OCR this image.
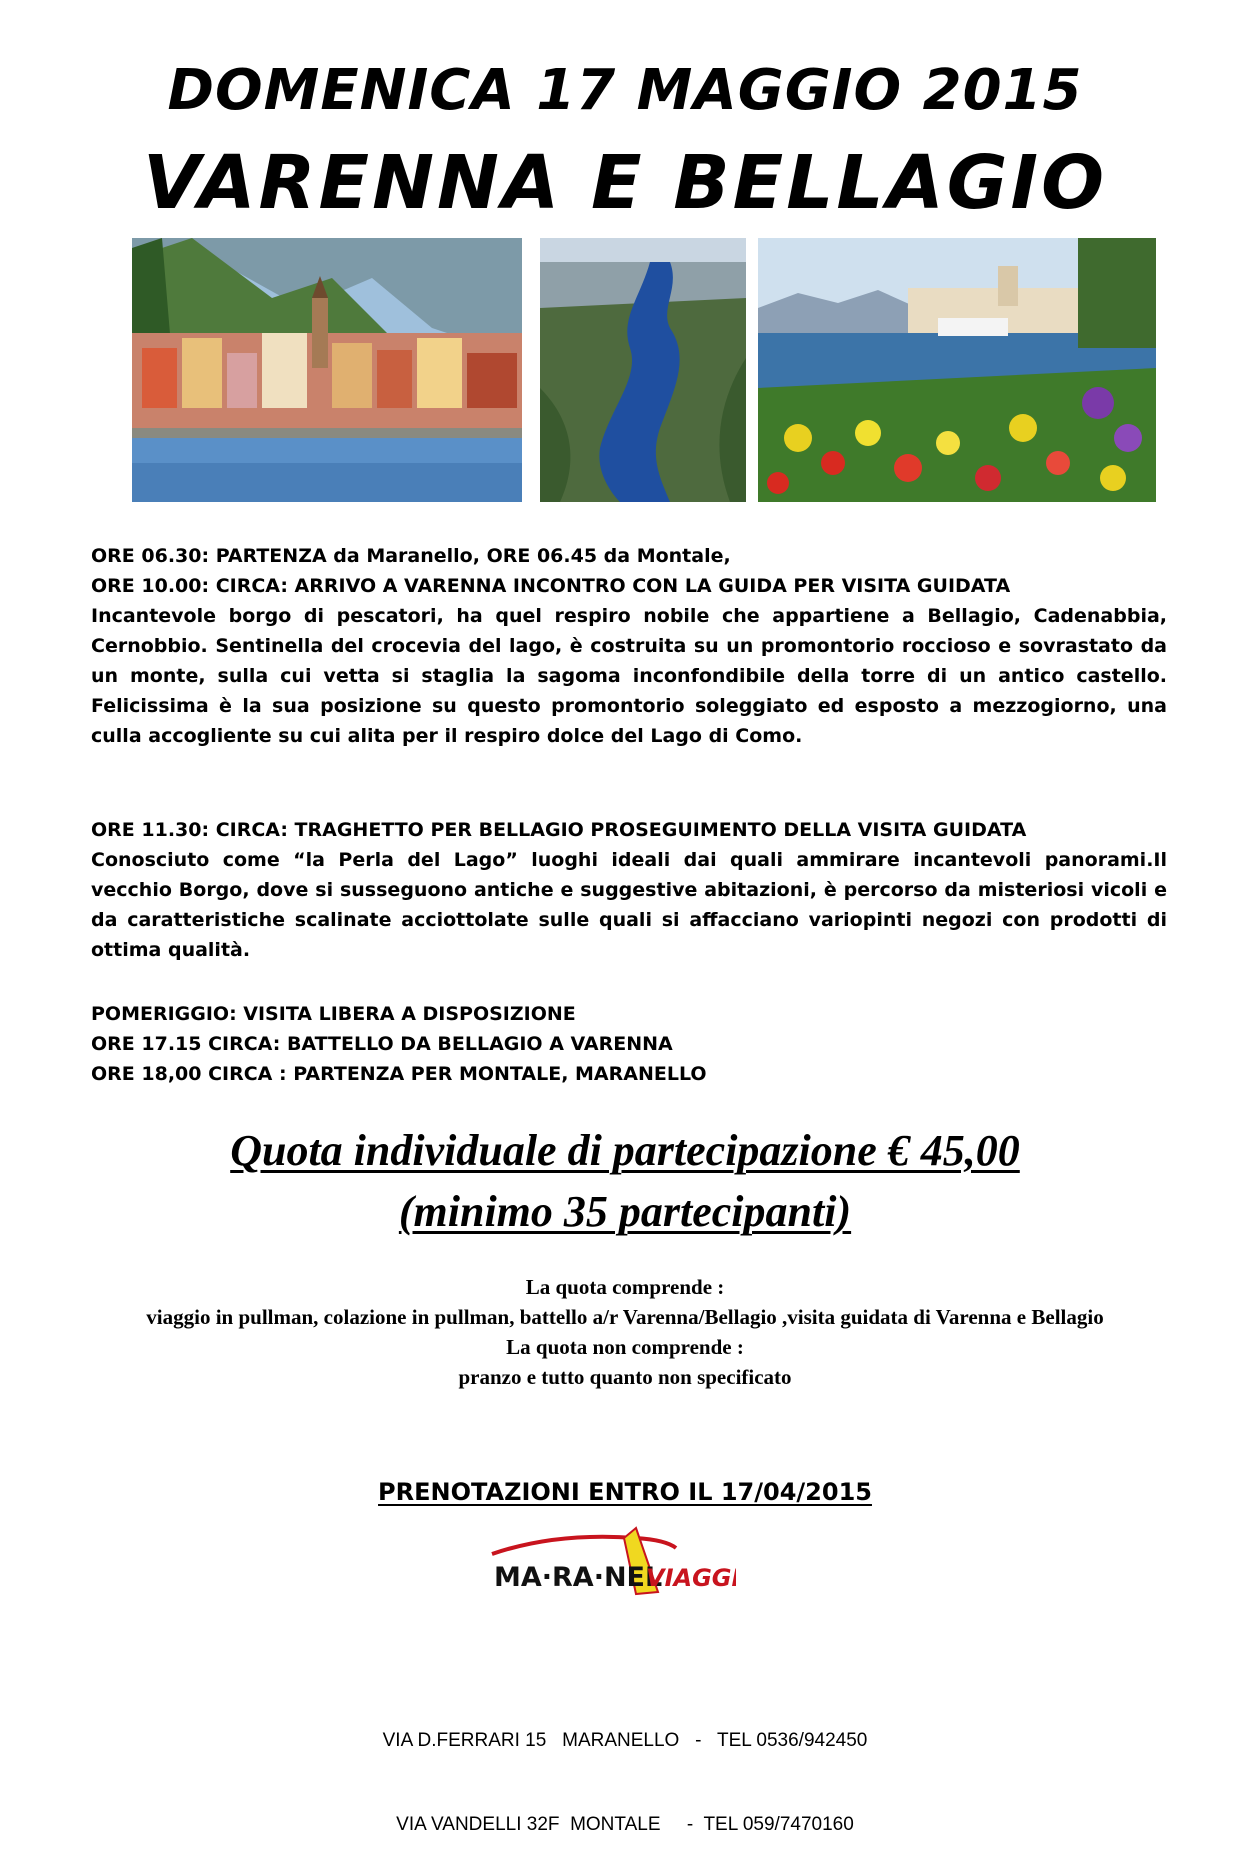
DOMENICA 17 MAGGIO 2015
VARENNA E BELLAGIO
ORE 06.30: PARTENZA da Maranello, ORE 06.45 da Montale,
ORE 10.00: CIRCA: ARRIVO A VARENNA INCONTRO CON LA GUIDA PER VISITA GUIDATA

Incantevole borgo di pescatori, ha quel respiro nobile che appartiene a Bellagio, Cadenabbia, Cernobbio. Sentinella del crocevia del lago, è costruita su un promontorio roccioso e sovrastato da un monte, sulla cui vetta si staglia la sagoma inconfondibile della torre di un antico castello. Felicissima è la sua posizione su questo promontorio soleggiato ed esposto a mezzogiorno, una culla accogliente su cui alita per il respiro dolce del Lago di Como.

ORE 11.30: CIRCA: TRAGHETTO PER BELLAGIO PROSEGUIMENTO DELLA VISITA GUIDATA

Conosciuto come “la Perla del Lago” luoghi ideali dai quali ammirare incantevoli panorami.Il vecchio Borgo, dove si susseguono antiche e suggestive abitazioni, è percorso da misteriosi vicoli e da caratteristiche scalinate acciottolate sulle quali si affacciano variopinti negozi con prodotti di ottima qualità.

POMERIGGIO: VISITA LIBERA A DISPOSIZIONE
ORE 17.15 CIRCA: BATTELLO DA BELLAGIO A VARENNA
ORE 18,00 CIRCA : PARTENZA PER MONTALE, MARANELLO
Quota individuale di partecipazione € 45,00
(minimo 35 partecipanti)
La quota comprende :
viaggio in pullman, colazione in pullman, battello a/r Varenna/Bellagio ,visita guidata di Varenna e Bellagio
La quota non comprende :
pranzo e tutto quanto non specificato
PRENOTAZIONI ENTRO IL 17/04/2015
MA·RA·NEL
VIAGGI

VIA D.FERRARI 15   MARANELLO   -   TEL 0536/942450

VIA VANDELLI 32F  MONTALE     -  TEL 059/7470160
